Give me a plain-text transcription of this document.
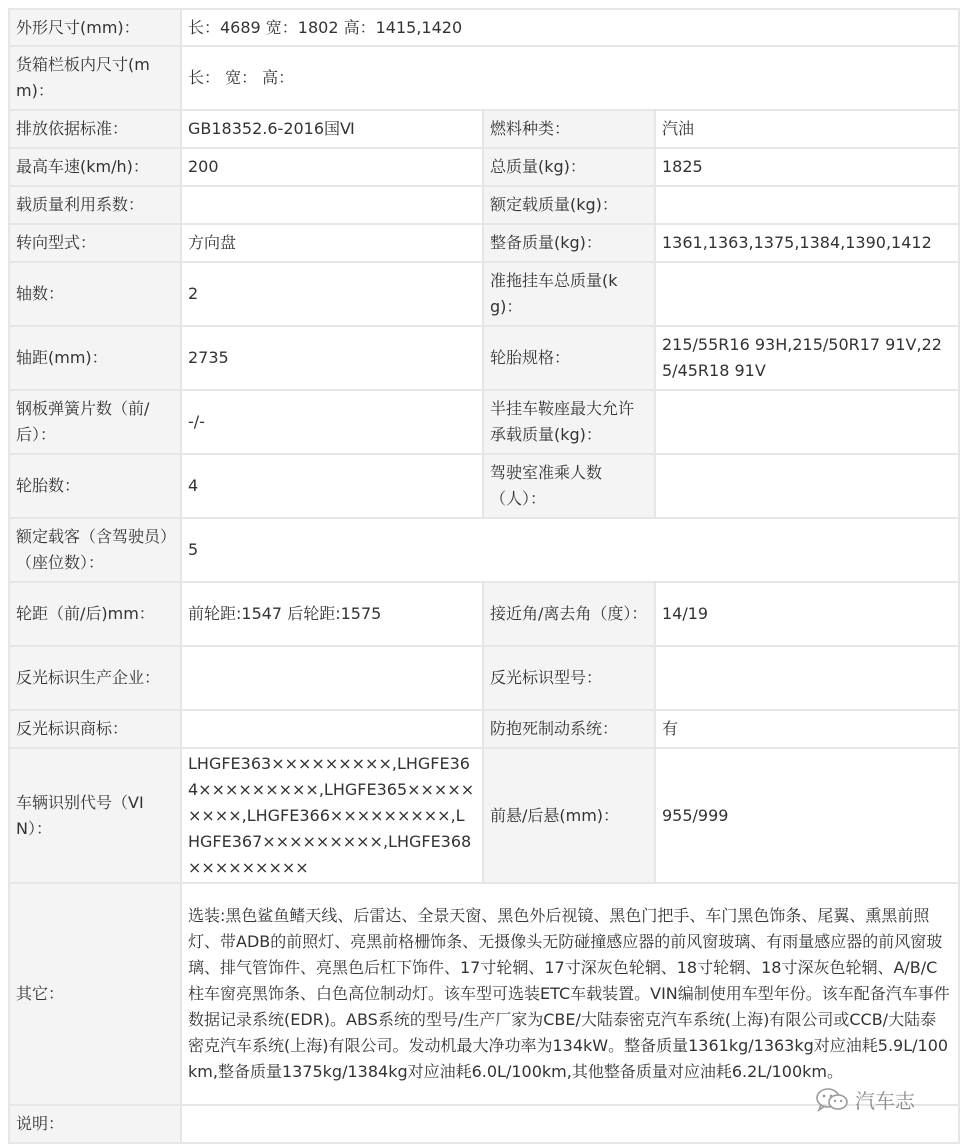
外形尺寸(mm)：	长：4689 宽：1802 高：1415,1420		
货箱栏板内尺寸(mm)：	长： 宽： 高：		
排放依据标准：	GB18352.6-2016国Ⅵ	燃料种类：	汽油
最高车速(km/h)：	200	总质量(kg)：	1825
载质量利用系数：		额定载质量(kg)：	
转向型式：	方向盘	整备质量(kg)：	1361,1363,1375,1384,1390,1412
轴数：	2	准拖挂车总质量(kg)：	
轴距(mm)：	2735	轮胎规格：	215/55R16 93H,215/50R17 91V,225/45R18 91V
钢板弹簧片数（前/后）：	-/-	半挂车鞍座最大允许承载质量(kg)：	
轮胎数：	4	驾驶室准乘人数（人）：	
额定载客（含驾驶员）（座位数）：	5		
轮距（前/后)mm：	前轮距:1547 后轮距:1575	接近角/离去角（度）：	14/19
反光标识生产企业：		反光标识型号：	
反光标识商标：		防抱死制动系统：	有
车辆识别代号（VIN）：	LHGFE363×××××××××,LHGFE364×××××××××,LHGFE365×××××××××,LHGFE366×××××××××,LHGFE367×××××××××,LHGFE368×××××××××	前悬/后悬(mm)：	955/999
其它：	选装:黑色鲨鱼鳍天线、后雷达、全景天窗、黑色外后视镜、黑色门把手、车门黑色饰条、尾翼、熏黑前照灯、带ADB的前照灯、亮黑前格栅饰条、无摄像头无防碰撞感应器的前风窗玻璃、有雨量感应器的前风窗玻璃、排气管饰件、亮黑色后杠下饰件、17寸轮辋、17寸深灰色轮辋、18寸轮辋、18寸深灰色轮辋、A/B/C柱车窗亮黑饰条、白色高位制动灯。该车型可选装ETC车载装置。VIN编制使用车型年份。该车配备汽车事件数据记录系统(EDR)。ABS系统的型号/生产厂家为CBE/大陆泰密克汽车系统(上海)有限公司或CCB/大陆泰密克汽车系统(上海)有限公司。发动机最大净功率为134kW。整备质量1361kg/1363kg对应油耗5.9L/100km,整备质量1375kg/1384kg对应油耗6.0L/100km,其他整备质量对应油耗6.2L/100km。		

说明：			
汽车志
